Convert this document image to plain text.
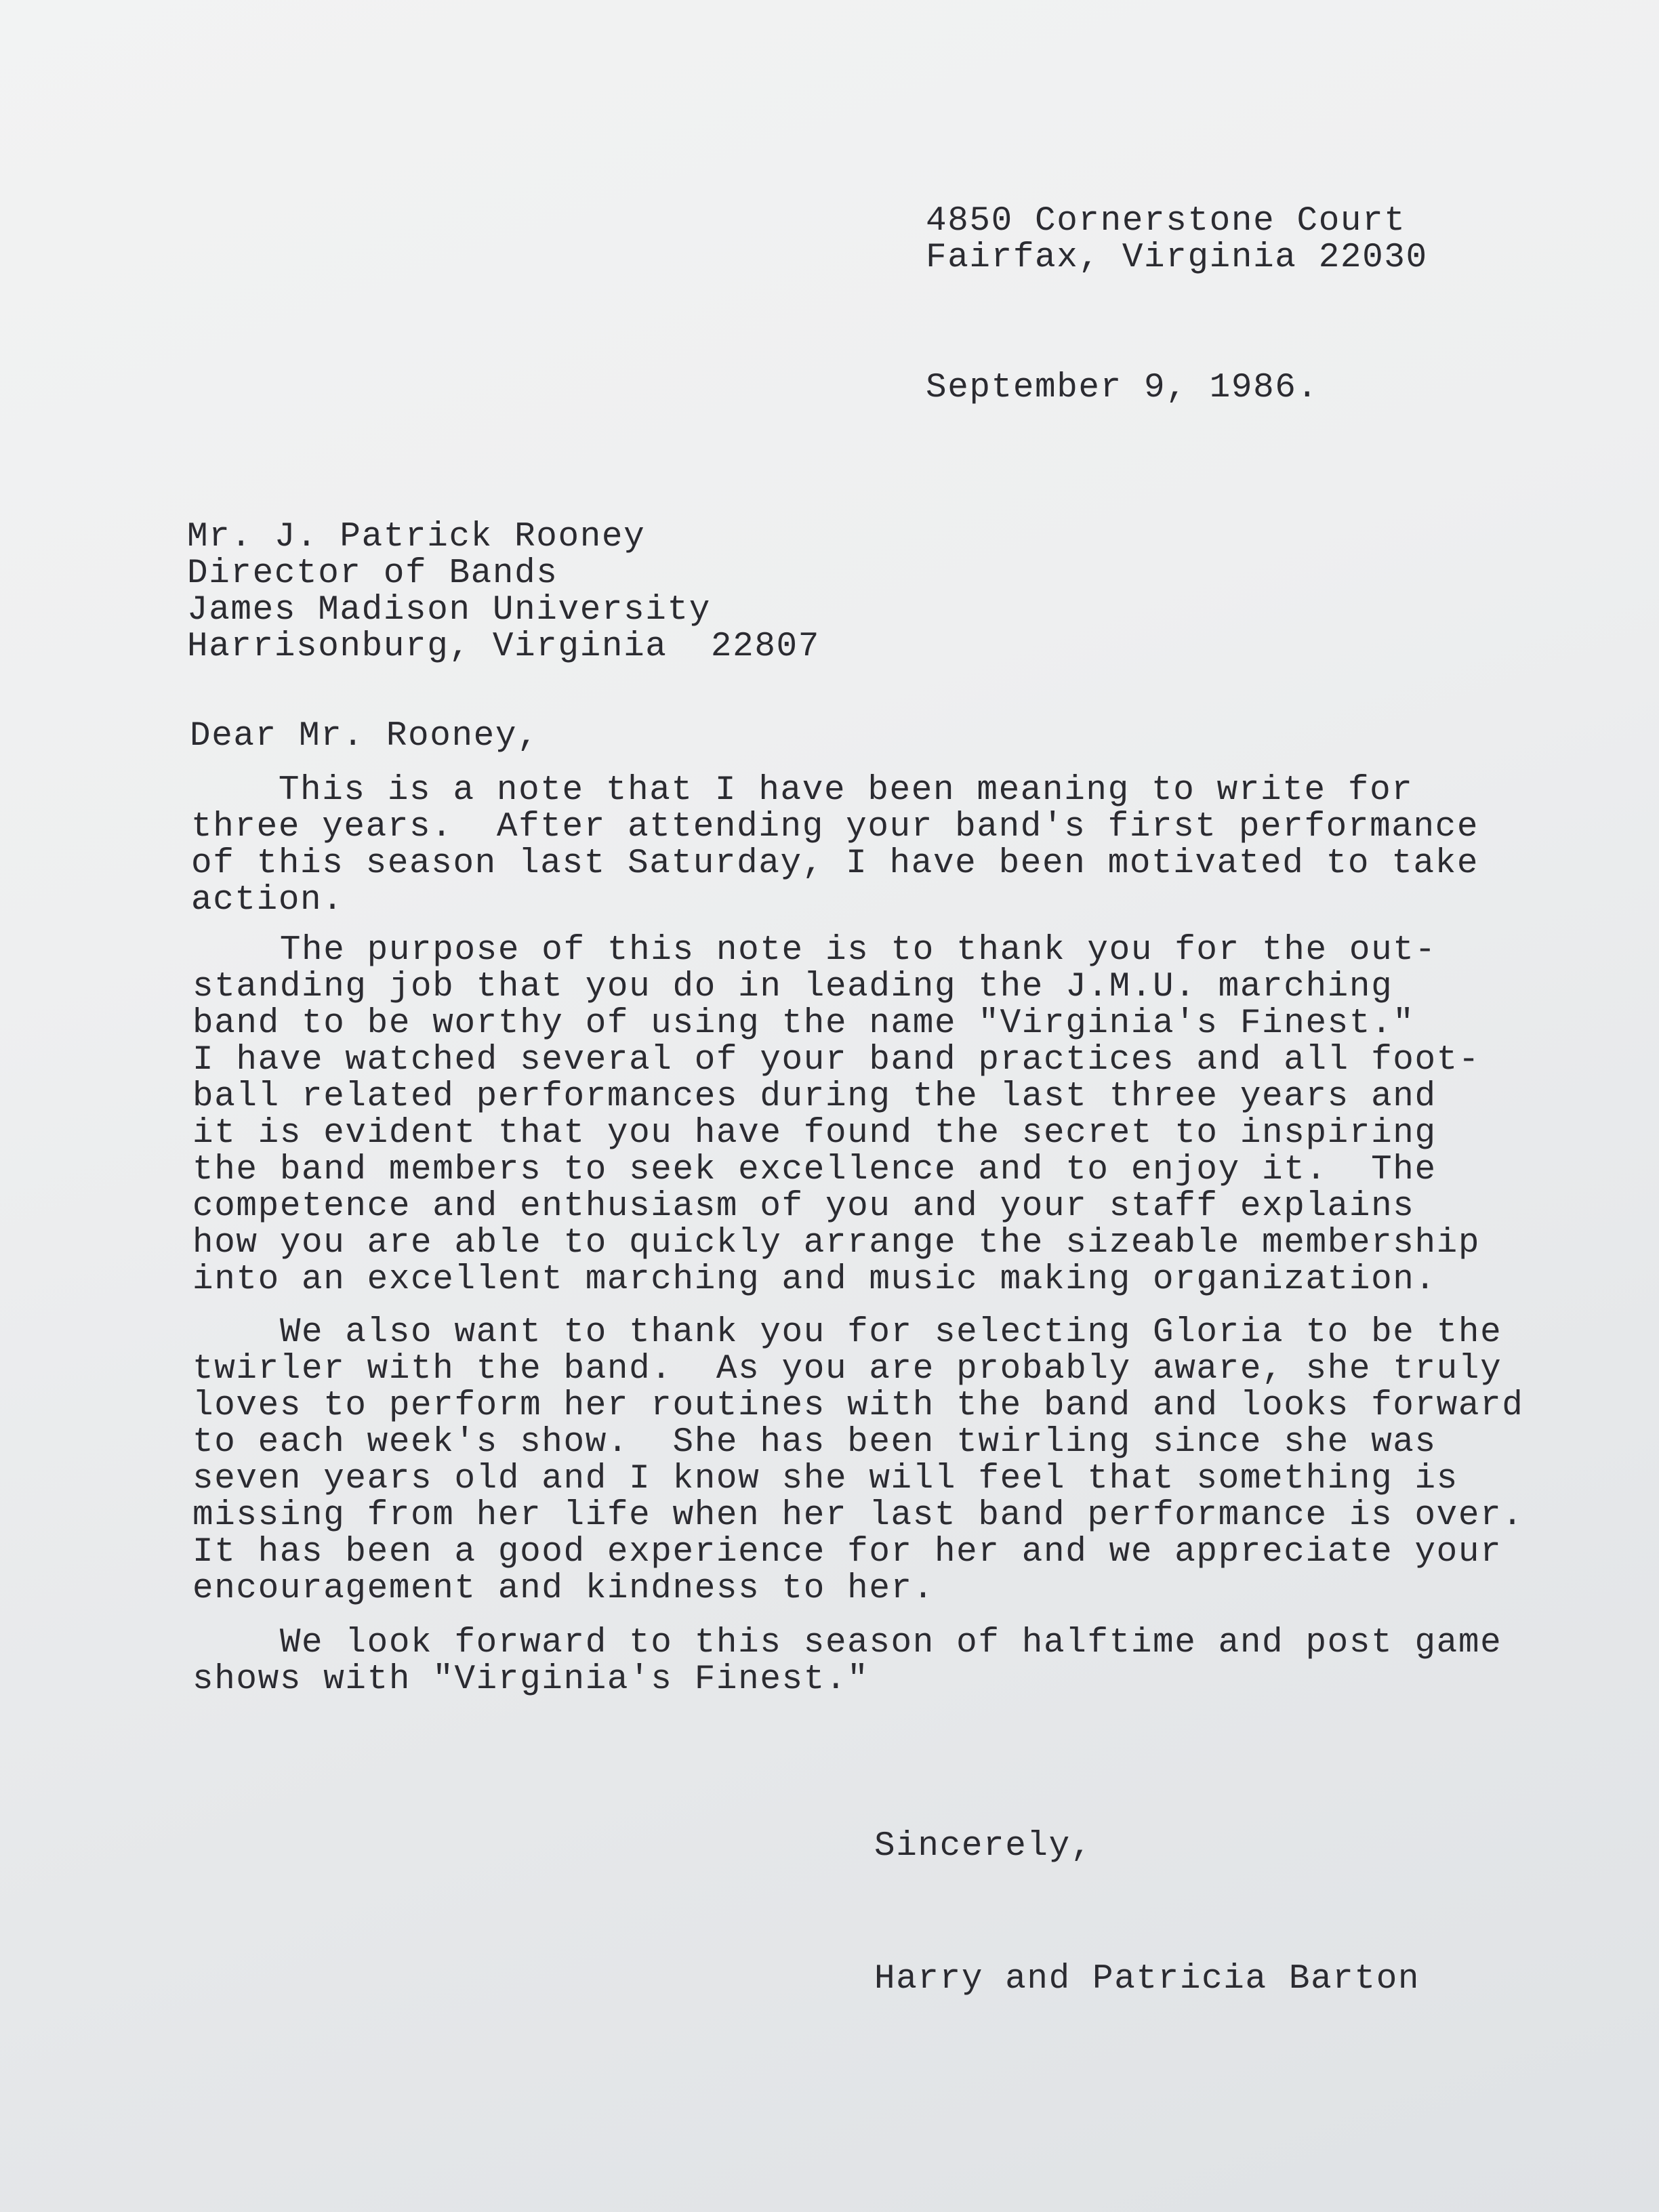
4850 Cornerstone Court

Fairfax, Virginia 22030

September 9, 1986.

Mr. J. Patrick Rooney

Director of Bands

James Madison University

Harrisonburg, Virginia  22807

Dear Mr. Rooney,

This is a note that I have been meaning to write for
three years.  After attending your band's first performance
of this season last Saturday, I have been motivated to take
action.
The purpose of this note is to thank you for the out-
standing job that you do in leading the J.M.U. marching
band to be worthy of using the name "Virginia's Finest."
I have watched several of your band practices and all foot-
ball related performances during the last three years and
it is evident that you have found the secret to inspiring
the band members to seek excellence and to enjoy it.  The
competence and enthusiasm of you and your staff explains
how you are able to quickly arrange the sizeable membership
into an excellent marching and music making organization.
We also want to thank you for selecting Gloria to be the
twirler with the band.  As you are probably aware, she truly
loves to perform her routines with the band and looks forward
to each week's show.  She has been twirling since she was
seven years old and I know she will feel that something is
missing from her life when her last band performance is over.
It has been a good experience for her and we appreciate your
encouragement and kindness to her.
We look forward to this season of halftime and post game
shows with "Virginia's Finest."

Sincerely,

Harry and Patricia Barton
